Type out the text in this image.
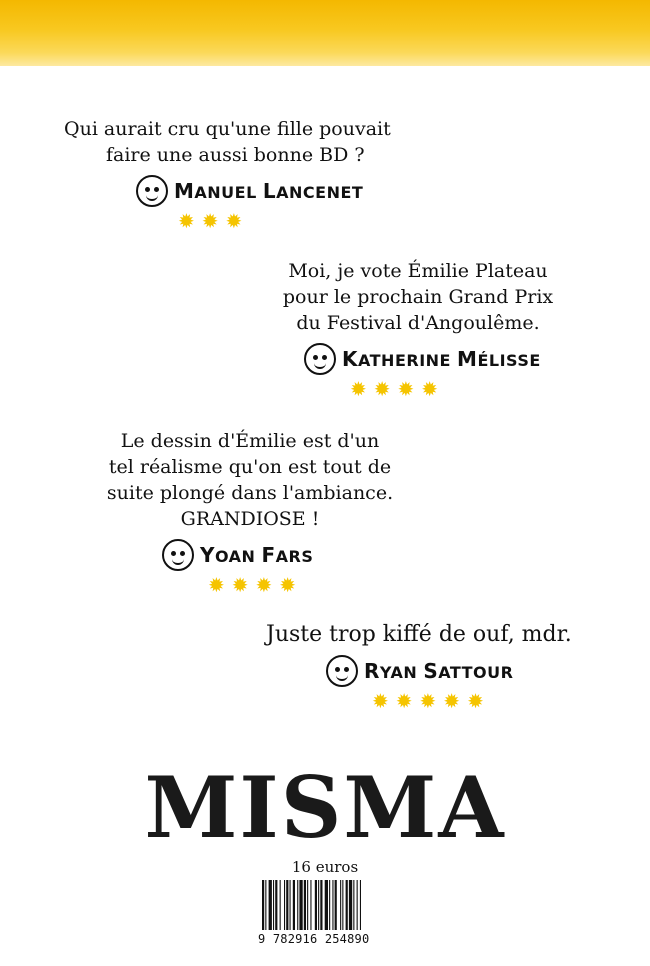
Qui aurait cru qu'une fille pouvait
faire une aussi bonne BD ?

MANUEL LANCENET
✹ ✹ ✹

Moi, je vote Émilie Plateau
pour le prochain Grand Prix
du Festival d'Angoulême.

KATHERINE MÉLISSE
✹ ✹ ✹ ✹

Le dessin d'Émilie est d'un
tel réalisme qu'on est tout de
suite plongé dans l'ambiance.
GRANDIOSE !

YOAN FARS
✹ ✹ ✹ ✹

Juste trop kiffé de ouf, mdr.

RYAN SATTOUR
✹ ✹ ✹ ✹ ✹
MISMA
16 euros
9 782916 254890
